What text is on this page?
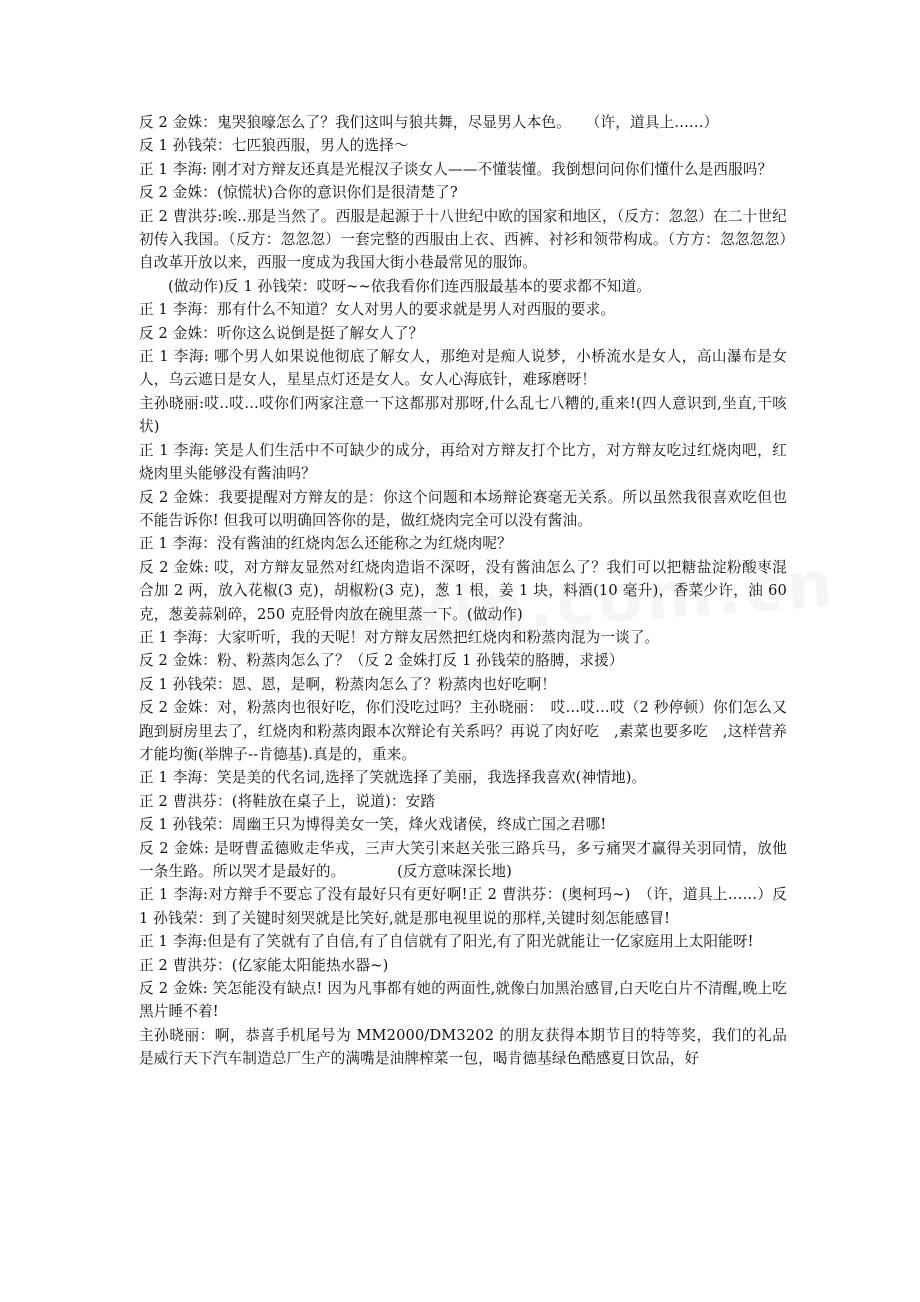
反 2 金姝：鬼哭狼嚎怎么了？我们这叫与狼共舞，尽显男人本色。　　（许，道具上……）

反 1 孙钱荣：七匹狼西服，男人的选择～

正 1 李海: 刚才对方辩友还真是光棍汉子谈女人——不懂装懂。我倒想问问你们懂什么是西服吗？

反 2 金姝：(惊慌状)合你的意识你们是很清楚了?

正 2 曹洪芬:唉..那是当然了。西服是起源于十八世纪中欧的国家和地区，（反方：忽忽）在二十世纪初传入我国。（反方：忽忽忽）一套完整的西服由上衣、西裤、衬衫和领带构成。（方方：忽忽忽忽）自改革开放以来，西服一度成为我国大街小巷最常见的服饰。

(做动作)反 1 孙钱荣：哎呀~~依我看你们连西服最基本的要求都不知道。

正 1 李海：那有什么不知道？女人对男人的要求就是男人对西服的要求。

反 2 金姝：听你这么说倒是挺了解女人了？

正 1 李海: 哪个男人如果说他彻底了解女人，那绝对是痴人说梦，小桥流水是女人，高山瀑布是女人，乌云遮日是女人，星星点灯还是女人。女人心海底针，难琢磨呀！

主孙晓丽:哎..哎…哎你们两家注意一下这都那对那呀,什么乱七八糟的,重来!(四人意识到,坐直,干咳状)

正 1 李海: 笑是人们生活中不可缺少的成分，再给对方辩友打个比方，对方辩友吃过红烧肉吧，红烧肉里头能够没有酱油吗？

反 2 金姝：我要提醒对方辩友的是：你这个问题和本场辩论赛毫无关系。所以虽然我很喜欢吃但也不能告诉你! 但我可以明确回答你的是，做红烧肉完全可以没有酱油。

正 1 李海：没有酱油的红烧肉怎么还能称之为红烧肉呢？

反 2 金姝: 哎，对方辩友显然对红烧肉造诣不深呀，没有酱油怎么了？我们可以把糖盐淀粉酸枣混合加 2 两，放入花椒(3 克)，胡椒粉(3 克)，葱 1 根，姜 1 块，料酒(10 毫升)，香菜少许，油 60 克，葱姜蒜剁碎，250 克胫骨肉放在碗里蒸一下。(做动作)

正 1 李海：大家听听，我的天呢！对方辩友居然把红烧肉和粉蒸肉混为一谈了。

反 2 金姝：粉、粉蒸肉怎么了？（反 2 金姝打反 1 孙钱荣的胳膊，求援）

反 1 孙钱荣：恩、恩，是啊，粉蒸肉怎么了？粉蒸肉也好吃啊！

反 2 金姝：对，粉蒸肉也很好吃，你们没吃过吗？主孙晓丽：　哎…哎…哎（2 秒停顿）你们怎么又跑到厨房里去了，红烧肉和粉蒸肉跟本次辩论有关系吗？再说了肉好吃　,素菜也要多吃　,这样营养才能均衡(举牌子--肯德基).真是的，重来。

正 1 李海：笑是美的代名词,选择了笑就选择了美丽，我选择我喜欢(神情地)。

正 2 曹洪芬：(将鞋放在桌子上，说道)：安踏

反 1 孙钱荣：周幽王只为博得美女一笑，烽火戏诸侯，终成亡国之君哪!

反 2 金姝: 是呀曹孟德败走华戎，三声大笑引来赵关张三路兵马，多亏痛哭才赢得关羽同情，放他一条生路。所以哭才是最好的。　　　　(反方意味深长地)

正 1 李海:对方辩手不要忘了没有最好只有更好啊!正 2 曹洪芬：(奥柯玛~)　（许，道具上……）反 1 孙钱荣：到了关键时刻哭就是比笑好,就是那电视里说的那样,关键时刻怎能感冒!

正 1 李海:但是有了笑就有了自信,有了自信就有了阳光,有了阳光就能让一亿家庭用上太阳能呀!

正 2 曹洪芬：(亿家能太阳能热水器~)

反 2 金姝: 笑怎能没有缺点! 因为凡事都有她的两面性,就像白加黑治感冒,白天吃白片不清醒,晚上吃黑片睡不着!

主孙晓丽：啊，恭喜手机尾号为 MM2000/DM3202 的朋友获得本期节目的特等奖，我们的礼品是威行天下汽车制造总厂生产的满嘴是油牌榨菜一包，喝肯德基绿色酷感夏日饮品，好
